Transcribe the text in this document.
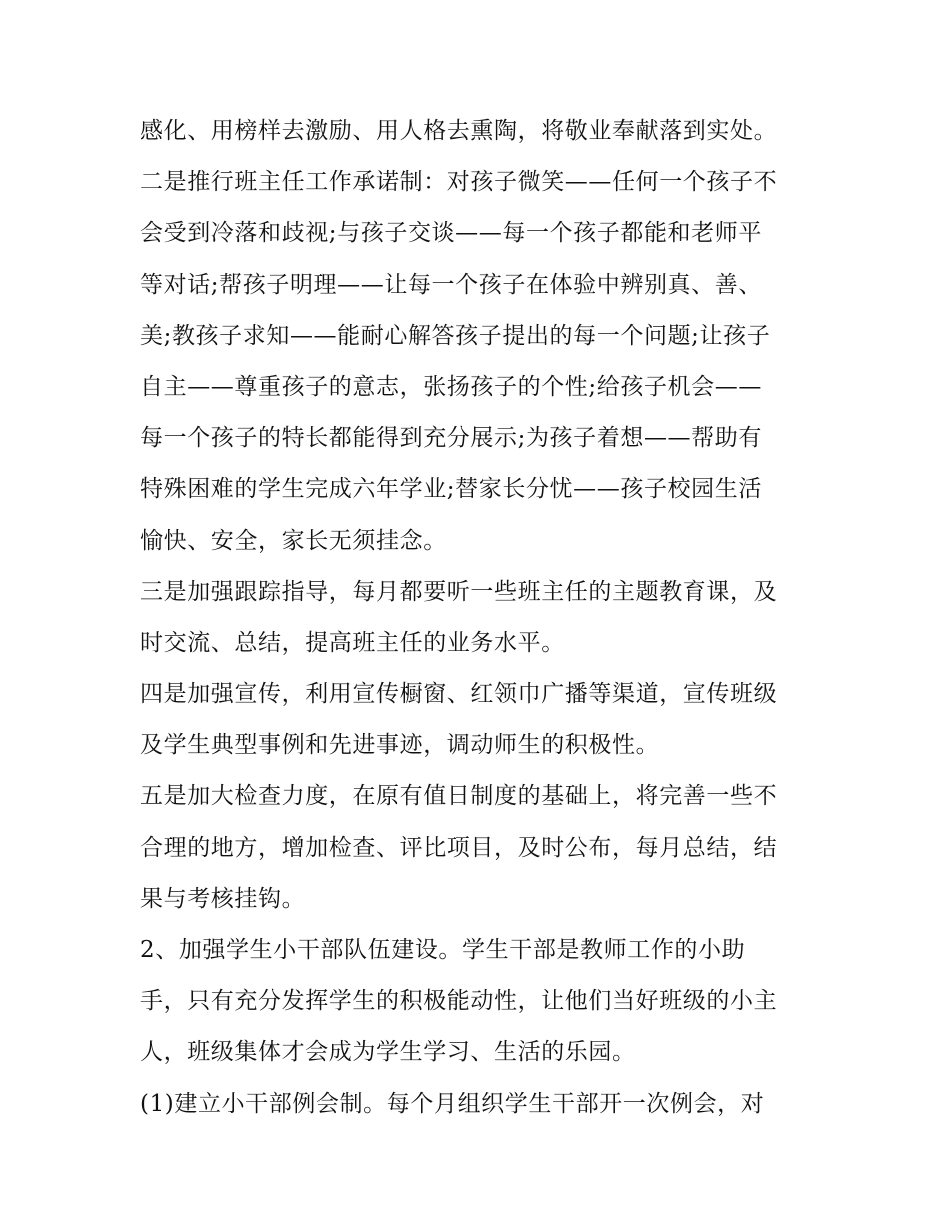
感化、用榜样去激励、用人格去熏陶，将敬业奉献落到实处。
二是推行班主任工作承诺制：对孩子微笑——任何一个孩子不
会受到冷落和歧视;与孩子交谈——每一个孩子都能和老师平
等对话;帮孩子明理——让每一个孩子在体验中辨别真、善、
美;教孩子求知——能耐心解答孩子提出的每一个问题;让孩子
自主——尊重孩子的意志，张扬孩子的个性;给孩子机会——
每一个孩子的特长都能得到充分展示;为孩子着想——帮助有
特殊困难的学生完成六年学业;替家长分忧——孩子校园生活
愉快、安全，家长无须挂念。
三是加强跟踪指导，每月都要听一些班主任的主题教育课，及
时交流、总结，提高班主任的业务水平。
四是加强宣传，利用宣传橱窗、红领巾广播等渠道，宣传班级
及学生典型事例和先进事迹，调动师生的积极性。
五是加大检查力度，在原有值日制度的基础上，将完善一些不
合理的地方，增加检查、评比项目，及时公布，每月总结，结
果与考核挂钩。
2、加强学生小干部队伍建设。学生干部是教师工作的小助
手，只有充分发挥学生的积极能动性，让他们当好班级的小主
人，班级集体才会成为学生学习、生活的乐园。
(1)建立小干部例会制。每个月组织学生干部开一次例会，对
